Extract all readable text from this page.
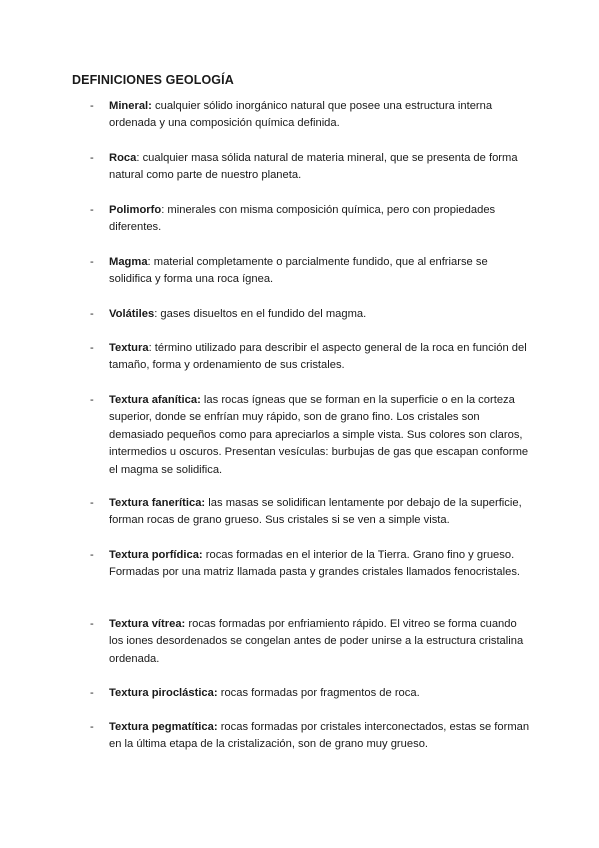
DEFINICIONES GEOLOGÍA
- Mineral: cualquier sólido inorgánico natural que posee una estructura interna ordenada y una composición química definida.
- Roca: cualquier masa sólida natural de materia mineral, que se presenta de forma natural como parte de nuestro planeta.
- Polimorfo: minerales con misma composición química, pero con propiedades diferentes.
- Magma: material completamente o parcialmente fundido, que al enfriarse se solidifica y forma una roca ígnea.
- Volátiles: gases disueltos en el fundido del magma.
- Textura: término utilizado para describir el aspecto general de la roca en función del tamaño, forma y ordenamiento de sus cristales.
- Textura afanítica: las rocas ígneas que se forman en la superficie o en la corteza superior, donde se enfrían muy rápido, son de grano fino. Los cristales son demasiado pequeños como para apreciarlos a simple vista. Sus colores son claros, intermedios u oscuros. Presentan vesículas: burbujas de gas que escapan conforme el magma se solidifica.
- Textura fanerítica: las masas se solidifican lentamente por debajo de la superficie, forman rocas de grano grueso. Sus cristales si se ven a simple vista.
- Textura porfídica: rocas formadas en el interior de la Tierra. Grano fino y grueso. Formadas por una matriz llamada pasta y grandes cristales llamados fenocristales.
- Textura vítrea: rocas formadas por enfriamiento rápido. El vitreo se forma cuando los iones desordenados se congelan antes de poder unirse a la estructura cristalina ordenada.
- Textura piroclástica: rocas formadas por fragmentos de roca.
- Textura pegmatítica: rocas formadas por cristales interconectados, estas se forman en la última etapa de la cristalización, son de grano muy grueso.
